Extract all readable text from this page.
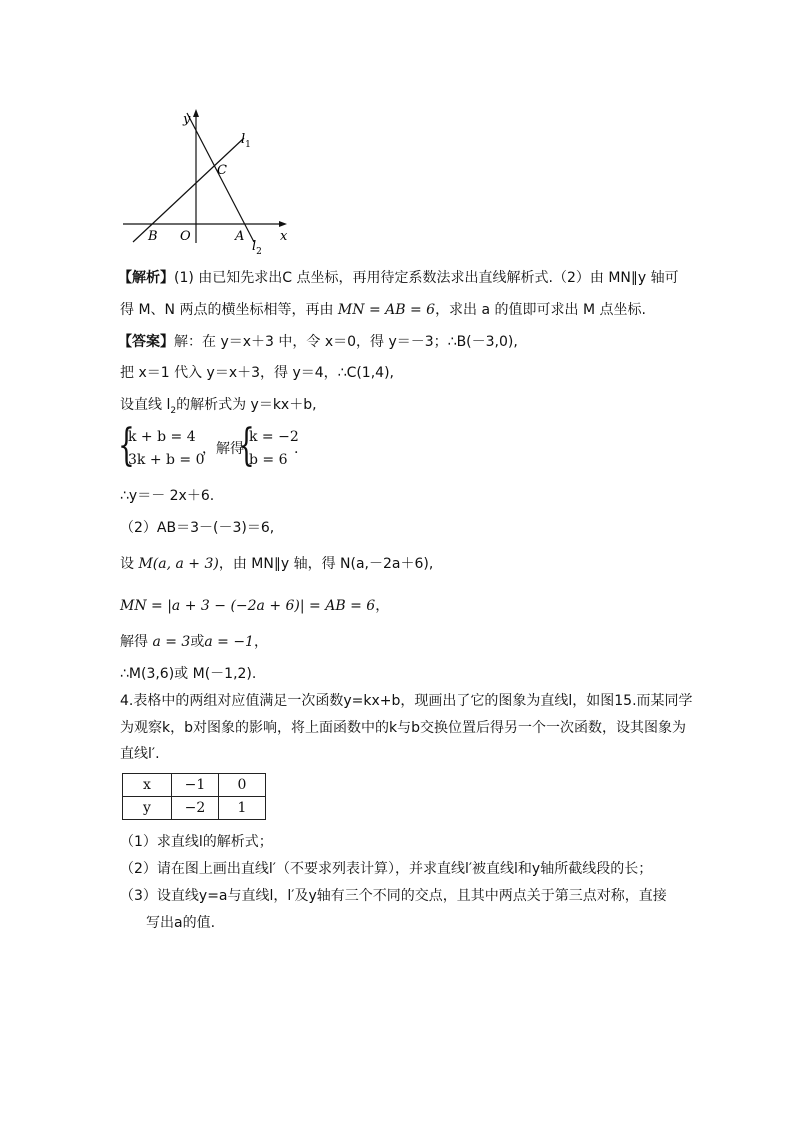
y
x
$l_1$
$l_2$
C
B O	A
【解析】(1) 由已知先求出C 点坐标，再用待定系数法求出直线解析式.（2）由 MN∥y 轴可
得 M、N 两点的横坐标相等，再由 MN = AB = 6，求出 a 的值即可求出 M 点坐标.
【答案】解：在 y＝x＋3 中，令 x＝0，得 y＝－3；∴B(－3,0),
把 x＝1 代入 y＝x＋3，得 y＝4，∴C(1,4),
设直线 $l_2$的解析式为 y＝kx＋b,
{
k + b = 4
3k + b = 0
，解得
{
k = −2
b = 6
.
∴y＝－ 2x＋6.
（2）AB＝3－(－3)＝6,
设 M(a, a + 3)，由 MN∥y 轴，得 N(a,－2a＋6),
MN = |a + 3 − (−2a + 6)| = AB = 6，
解得 a = 3或a = −1，
∴M(3,6)或 M(－1,2).
4.表格中的两组对应值满足一次函数y=kx+b，现画出了它的图象为直线l，如图15.而某同学
为观察k，b对图象的影响，将上面函数中的k与b交换位置后得另一个一次函数，设其图象为
直线l′.
x	−1	0
y	−2	1
（1）求直线l的解析式；
（2）请在图上画出直线l′（不要求列表计算），并求直线l′被直线l和y轴所截线段的长；
（3）设直线y=a与直线l，l′及y轴有三个不同的交点，且其中两点关于第三点对称，直接
写出a的值.
